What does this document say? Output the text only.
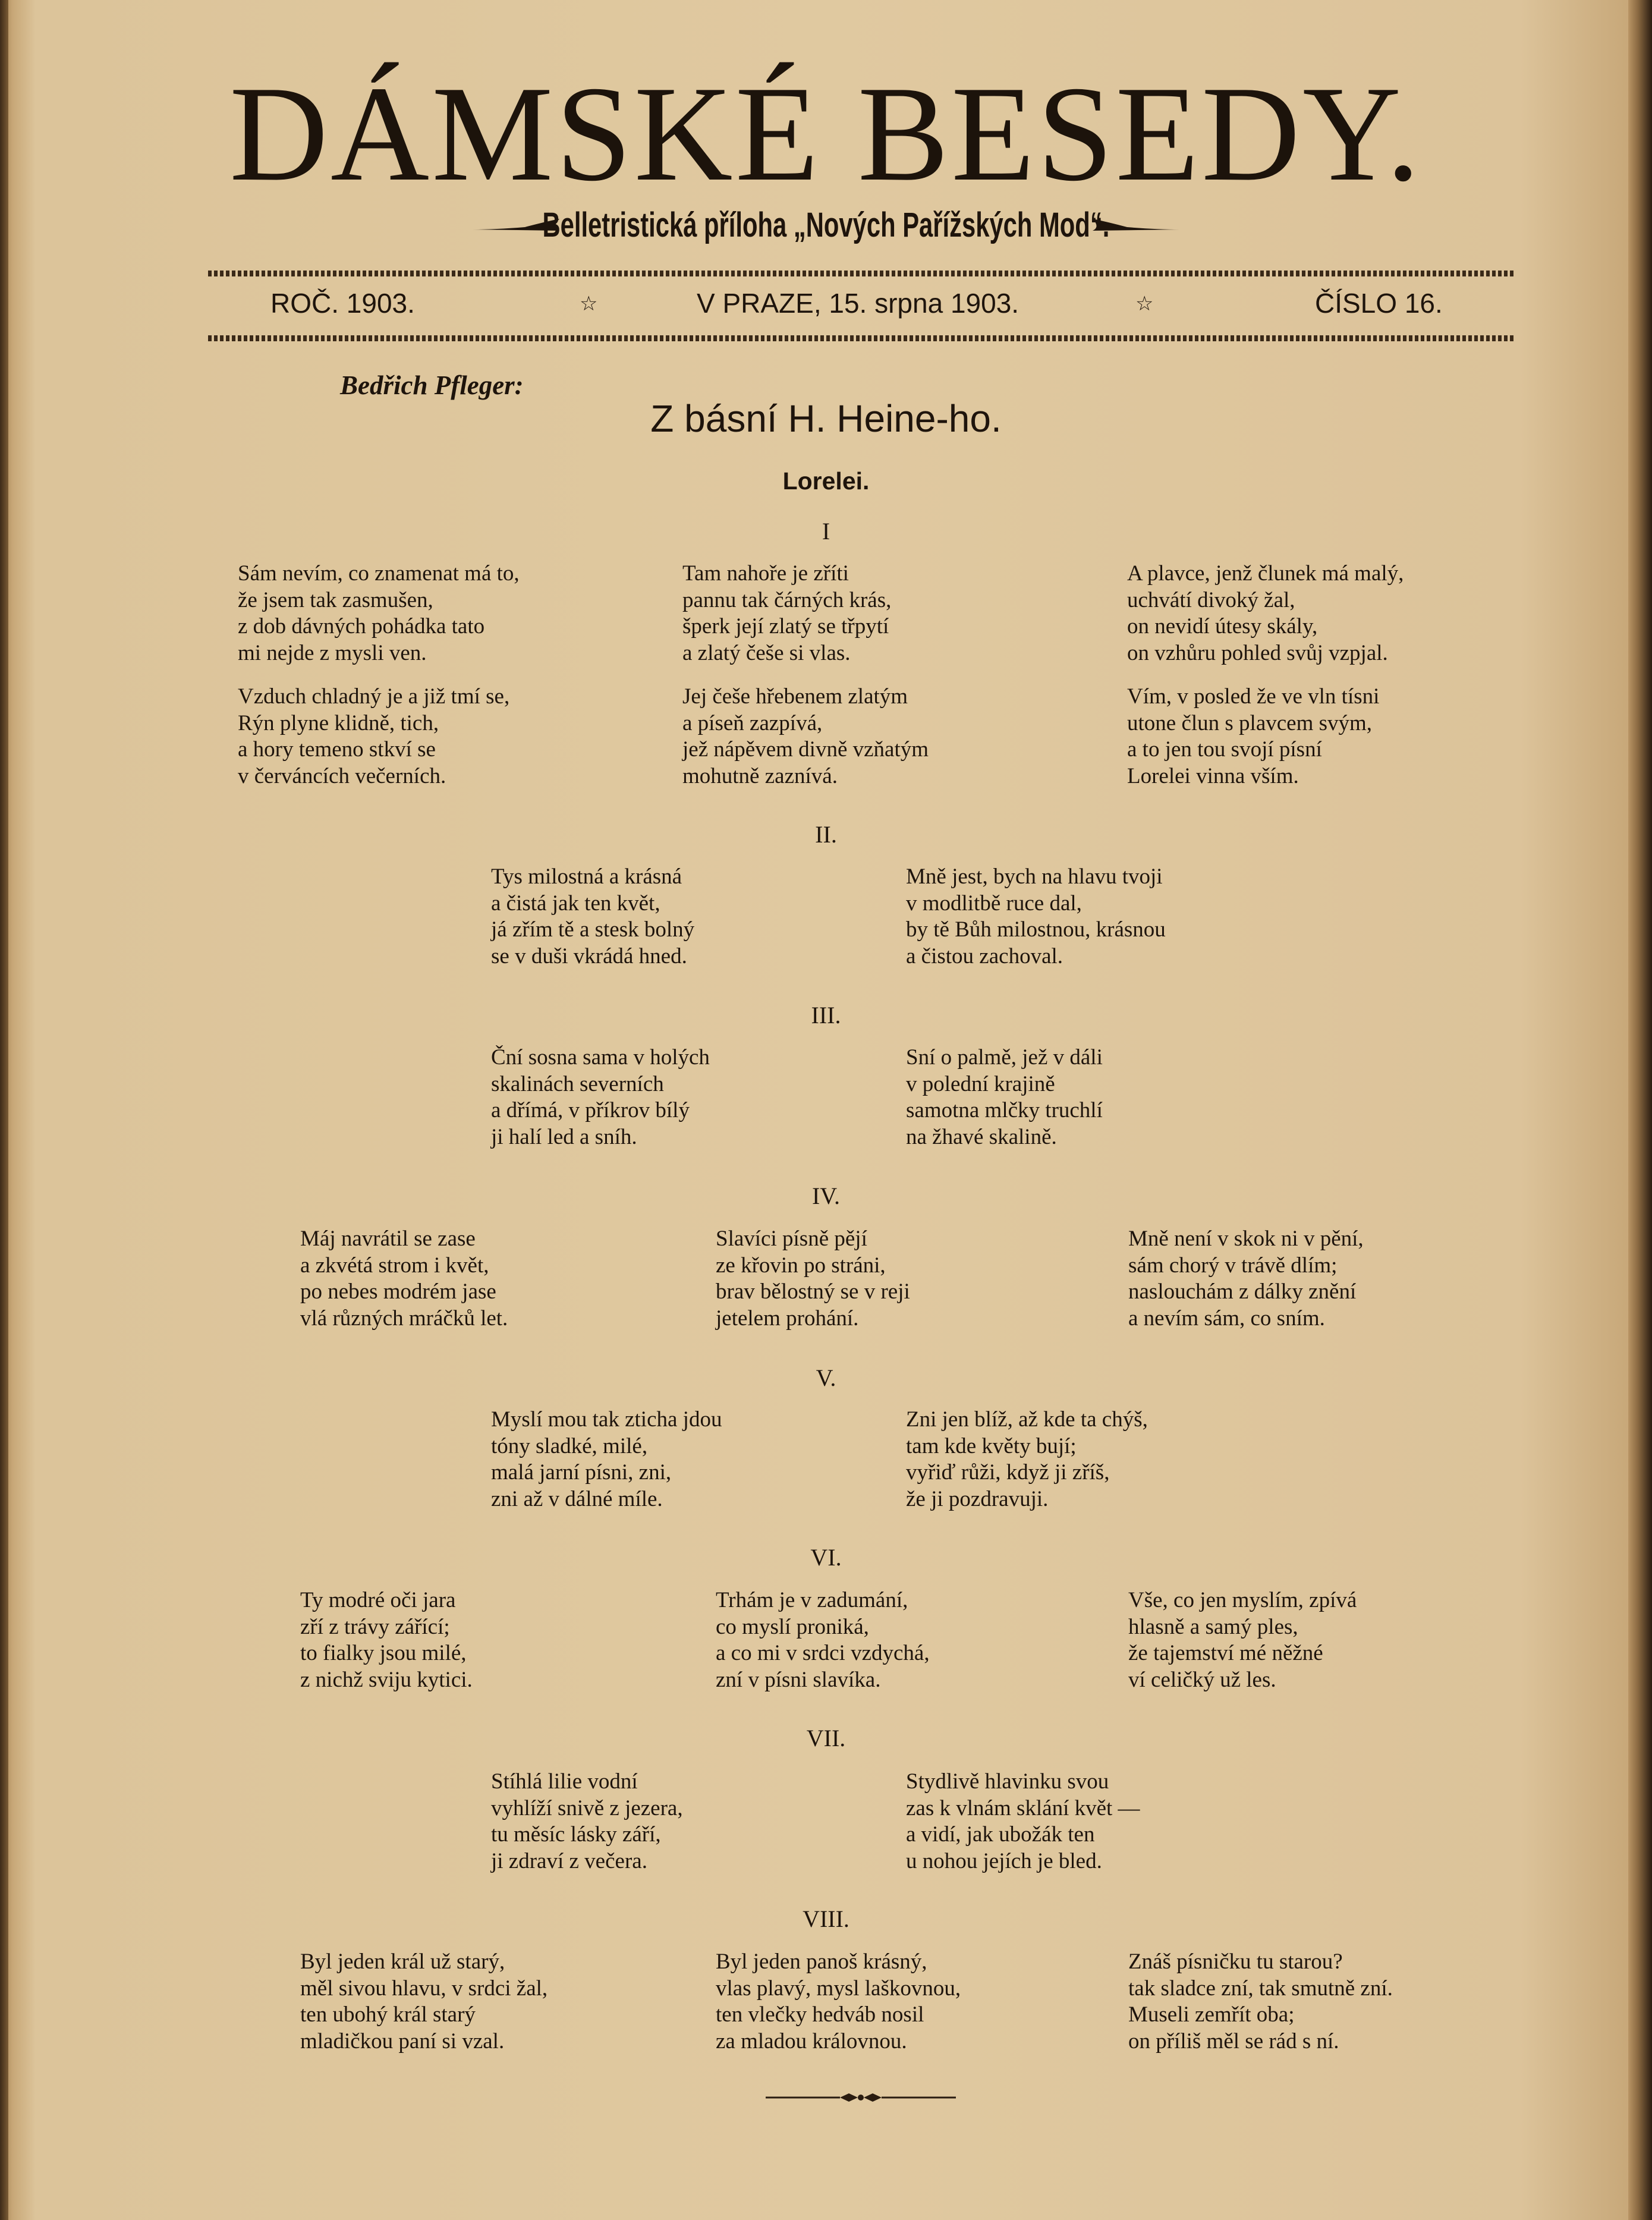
DÁMSKÉ BESEDY.
Belletristická příloha „Nových Pařížských Mod“.
ROČ. 1903.	☆	V PRAZE, 15. srpna 1903.	☆	ČÍSLO 16.
Bedřich Pfleger:
Z básní H. Heine-ho.
Lorelei.
I

Sám nevím, co znamenat má to,
že jsem tak zasmušen,
z dob dávných pohádka tato
mi nejde z mysli ven.

Vzduch chladný je a již tmí se,
Rýn plyne klidně, tich,
a hory temeno stkví se
v červáncích večerních.

Tam nahoře je zříti
pannu tak čárných krás,
šperk její zlatý se třpytí
a zlatý češe si vlas.

Jej češe hřebenem zlatým
a píseň zazpívá,
jež nápěvem divně vzňatým
mohutně zaznívá.

A plavce, jenž člunek má malý,
uchvátí divoký žal,
on nevidí útesy skály,
on vzhůru pohled svůj vzpjal.

Vím, v posled že ve vln tísni
utone člun s plavcem svým,
a to jen tou svojí písní
Lorelei vinna vším.

II.

Tys milostná a krásná
a čistá jak ten květ,
já zřím tě a stesk bolný
se v duši vkrádá hned.

Mně jest, bych na hlavu tvoji
v modlitbě ruce dal,
by tě Bůh milostnou, krásnou
a čistou zachoval.

III.

Ční sosna sama v holých
skalinách severních
a dřímá, v příkrov bílý
ji halí led a sníh.

Sní o palmě, jež v dáli
v polední krajině
samotna mlčky truchlí
na žhavé skalině.

IV.

Máj navrátil se zase
a zkvétá strom i květ,
po nebes modrém jase
vlá různých mráčků let.

Slavíci písně pějí
ze křovin po stráni,
brav bělostný se v reji
jetelem prohání.

Mně není v skok ni v pění,
sám chorý v trávě dlím;
naslouchám z dálky znění
a nevím sám, co sním.

V.

Myslí mou tak zticha jdou
tóny sladké, milé,
malá jarní písni, zni,
zni až v dálné míle.

Zni jen blíž, až kde ta chýš,
tam kde květy bují;
vyřiď růži, když ji zříš,
že ji pozdravuji.

VI.

Ty modré oči jara
zří z trávy zářící;
to fialky jsou milé,
z nichž sviju kytici.

Trhám je v zadumání,
co myslí proniká,
a co mi v srdci vzdychá,
zní v písni slavíka.

Vše, co jen myslím, zpívá
hlasně a samý ples,
že tajemství mé něžné
ví celičký už les.

VII.

Stíhlá lilie vodní
vyhlíží snivě z jezera,
tu měsíc lásky září,
ji zdraví z večera.

Stydlivě hlavinku svou
zas k vlnám sklání květ —
a vidí, jak ubožák ten
u nohou jejích je bled.

VIII.

Byl jeden král už starý,
měl sivou hlavu, v srdci žal,
ten ubohý král starý
mladičkou paní si vzal.

Byl jeden panoš krásný,
vlas plavý, mysl laškovnou,
ten vlečky hedváb nosil
za mladou královnou.

Znáš písničku tu starou?
tak sladce zní, tak smutně zní.
Museli zemřít oba;
on příliš měl se rád s ní.
